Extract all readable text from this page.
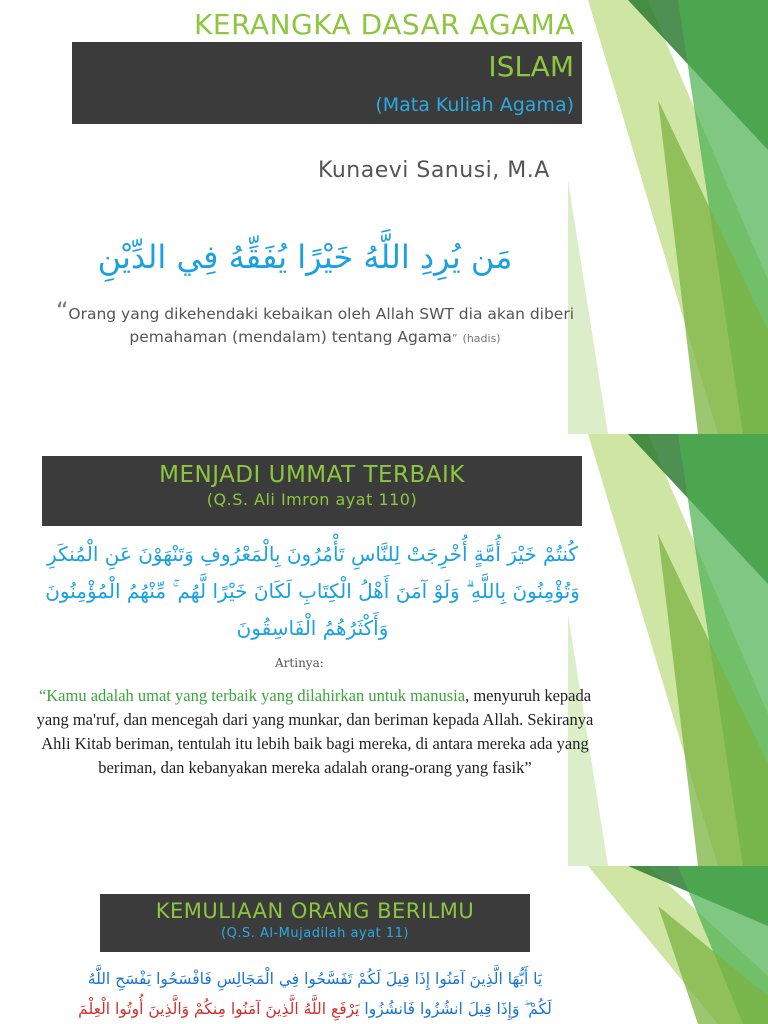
KERANGKA DASAR AGAMA
ISLAM
(Mata Kuliah Agama)
Kunaevi Sanusi, M.A
مَن يُرِدِ اللَّهُ خَيْرًا يُفَقِّهُ فِي الدِّيْنِ
“Orang yang dikehendaki kebaikan oleh Allah SWT dia akan diberi pemahaman (mendalam) tentang Agama” (hadis)
MENJADI UMMAT TERBAIK
(Q.S. Ali Imron ayat 110)
كُنتُمْ خَيْرَ أُمَّةٍ أُخْرِجَتْ لِلنَّاسِ تَأْمُرُونَ بِالْمَعْرُوفِ وَتَنْهَوْنَ عَنِ الْمُنكَرِ وَتُؤْمِنُونَ بِاللَّهِ ۗ وَلَوْ آمَنَ أَهْلُ الْكِتَابِ لَكَانَ خَيْرًا لَّهُم ۚ مِّنْهُمُ الْمُؤْمِنُونَ وَأَكْثَرُهُمُ الْفَاسِقُونَ
Artinya:
“Kamu adalah umat yang terbaik yang dilahirkan untuk manusia, menyuruh kepada yang ma'ruf, dan mencegah dari yang munkar, dan beriman kepada Allah. Sekiranya Ahli Kitab beriman, tentulah itu lebih baik bagi mereka, di antara mereka ada yang beriman, dan kebanyakan mereka adalah orang-orang yang fasik”
KEMULIAAN ORANG BERILMU
(Q.S. Al-Mujadilah ayat 11)
يَا أَيُّهَا الَّذِينَ آمَنُوا إِذَا قِيلَ لَكُمْ تَفَسَّحُوا فِي الْمَجَالِسِ فَافْسَحُوا يَفْسَحِ اللَّهُ
لَكُمْ ۖ وَإِذَا قِيلَ انشُزُوا فَانشُزُوا يَرْفَعِ اللَّهُ الَّذِينَ آمَنُوا مِنكُمْ وَالَّذِينَ أُوتُوا الْعِلْمَ
